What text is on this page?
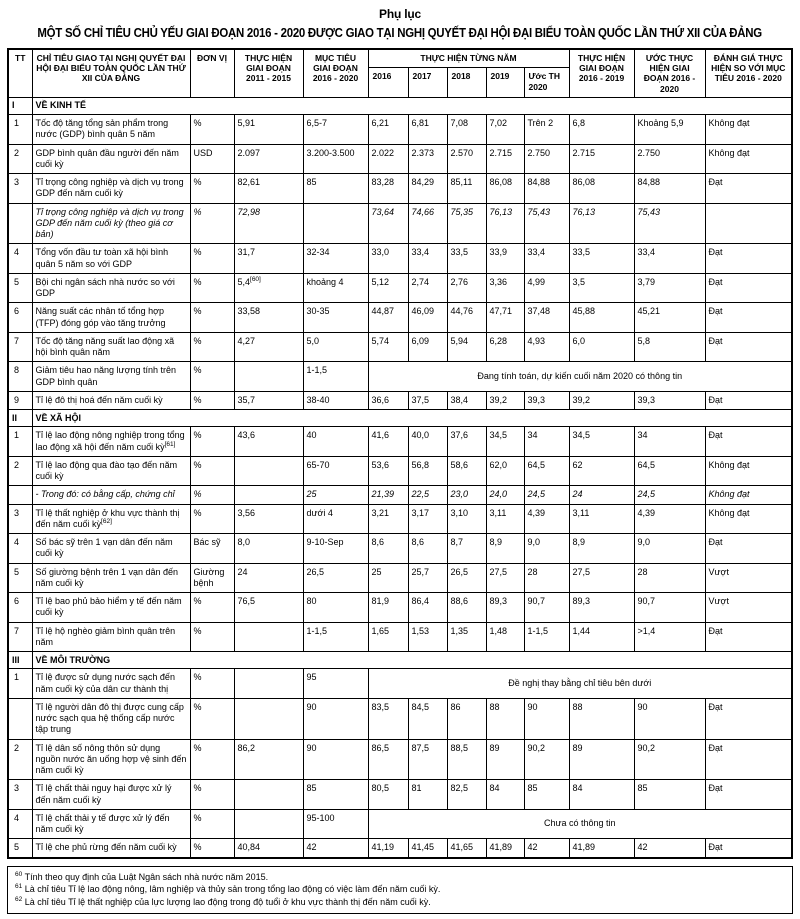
Phụ lục
MỘT SỐ CHỈ TIÊU CHỦ YẾU GIAI ĐOẠN 2016 - 2020 ĐƯỢC GIAO TẠI NGHỊ QUYẾT ĐẠI HỘI ĐẠI BIỂU TOÀN QUỐC LẦN THỨ XII CỦA ĐẢNG
TT	CHỈ TIÊU GIAO TẠI NGHỊ QUYẾT ĐẠI HỘI ĐẠI BIỂU TOÀN QUỐC LẦN THỨ XII CỦA ĐẢNG	ĐƠN VỊ	THỰC HIỆN GIAI ĐOẠN 2011 - 2015	MỤC TIÊU GIAI ĐOẠN 2016 - 2020	THỰC HIỆN TỪNG NĂM					THỰC HIỆN GIAI ĐOẠN 2016 - 2019	ƯỚC THỰC HIỆN GIAI ĐOẠN 2016 - 2020	ĐÁNH GIÁ THỰC HIỆN SO VỚI MỤC TIÊU 2016 - 2020
					2016	2017	2018	2019	Ước TH 2020			
I	VỀ KINH TẾ											
1	Tốc độ tăng tổng sản phẩm trong nước (GDP) bình quân 5 năm	%	5,91	6,5-7	6,21	6,81	7,08	7,02	Trên 2	6,8	Khoảng 5,9	Không đạt
2	GDP bình quân đầu người đến năm cuối kỳ	USD	2.097	3.200-3.500	2.022	2.373	2.570	2.715	2.750	2.715	2.750	Không đạt
3	Tỉ trọng công nghiệp và dịch vụ trong GDP đến năm cuối kỳ	%	82,61	85	83,28	84,29	85,11	86,08	84,88	86,08	84,88	Đạt
	Tỉ trọng công nghiệp và dịch vụ trong GDP đến năm cuối kỳ (theo giá cơ bản)	%	72,98		73,64	74,66	75,35	76,13	75,43	76,13	75,43	
4	Tổng vốn đầu tư toàn xã hội bình quân 5 năm so với GDP	%	31,7	32-34	33,0	33,4	33,5	33,9	33,4	33,5	33,4	Đạt
5	Bội chi ngân sách nhà nước so với GDP	%	5,4[60]	khoảng 4	5,12	2,74	2,76	3,36	4,99	3,5	3,79	Đạt
6	Năng suất các nhân tố tổng hợp (TFP) đóng góp vào tăng trưởng	%	33,58	30-35	44,87	46,09	44,76	47,71	37,48	45,88	45,21	Đạt
7	Tốc độ tăng năng suất lao động xã hội bình quân năm	%	4,27	5,0	5,74	6,09	5,94	6,28	4,93	6,0	5,8	Đạt
8	Giảm tiêu hao năng lượng tính trên GDP bình quân	%		1-1,5	Đang tính toán, dự kiến cuối năm 2020 có thông tin							
9	Tỉ lệ đô thị hoá đến năm cuối kỳ	%	35,7	38-40	36,6	37,5	38,4	39,2	39,3	39,2	39,3	Đạt
II	VỀ XÃ HỘI											
1	Tỉ lệ lao động nông nghiệp trong tổng lao động xã hội đến năm cuối kỳ[61]	%	43,6	40	41,6	40,0	37,6	34,5	34	34,5	34	Đạt
2	Tỉ lệ lao động qua đào tạo đến năm cuối kỳ	%		65-70	53,6	56,8	58,6	62,0	64,5	62	64,5	Không đạt
	- Trong đó: có bằng cấp, chứng chỉ	%		25	21,39	22,5	23,0	24,0	24,5	24	24,5	Không đạt
3	Tỉ lệ thất nghiệp ở khu vực thành thị đến năm cuối kỳ[62]	%	3,56	dưới 4	3,21	3,17	3,10	3,11	4,39	3,11	4,39	Không đạt
4	Số bác sỹ trên 1 vạn dân đến năm cuối kỳ	Bác sỹ	8,0	9-10-Sep	8,6	8,6	8,7	8,9	9,0	8,9	9,0	Đạt
5	Số giường bệnh trên 1 vạn dân đến năm cuối kỳ	Giường bệnh	24	26,5	25	25,7	26,5	27,5	28	27,5	28	Vượt
6	Tỉ lệ bao phủ bảo hiểm y tế đến năm cuối kỳ	%	76,5	80	81,9	86,4	88,6	89,3	90,7	89,3	90,7	Vượt
7	Tỉ lệ hộ nghèo giảm bình quân trên năm	%		1-1,5	1,65	1,53	1,35	1,48	1-1,5	1,44	>1,4	Đạt
III	VỀ MÔI TRƯỜNG											
1	Tỉ lệ được sử dụng nước sạch đến năm cuối kỳ của dân cư thành thị	%		95	Đề nghị thay bằng chỉ tiêu bên dưới							
	Tỉ lệ người dân đô thị được cung cấp nước sạch qua hệ thống cấp nước tập trung	%		90	83,5	84,5	86	88	90	88	90	Đạt
2	Tỉ lệ dân số nông thôn sử dụng nguồn nước ăn uống hợp vệ sinh đến năm cuối kỳ	%	86,2	90	86,5	87,5	88,5	89	90,2	89	90,2	Đạt
3	Tỉ lệ chất thải nguy hại được xử lý đến năm cuối kỳ	%		85	80,5	81	82,5	84	85	84	85	Đạt
4	Tỉ lệ chất thải y tế được xử lý đến năm cuối kỳ	%		95-100	Chưa có thông tin							
5	Tỉ lệ che phủ rừng đến năm cuối kỳ	%	40,84	42	41,19	41,45	41,65	41,89	42	41,89	42	Đạt
$^{60}$ Tính theo quy định của Luật Ngân sách nhà nước năm 2015.
$^{61}$ Là chỉ tiêu Tỉ lệ lao động nông, lâm nghiệp và thủy sản trong tổng lao động có việc làm đến năm cuối kỳ.
$^{62}$ Là chỉ tiêu Tỉ lệ thất nghiệp của lực lượng lao động trong độ tuổi ở khu vực thành thị đến năm cuối kỳ.
